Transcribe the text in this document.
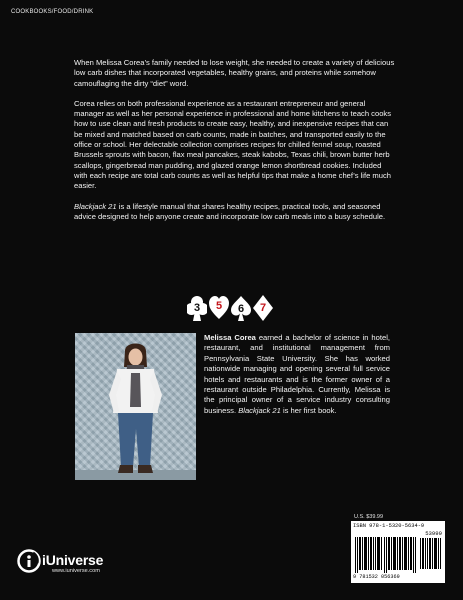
COOKBOOKS/FOOD/DRINK

When Melissa Corea’s family needed to lose weight, she needed to create a variety of delicious low carb dishes that incorporated vegetables, healthy grains, and proteins while somehow camouflaging the dirty “diet” word.

Corea relies on both professional experience as a restaurant entrepreneur and general manager as well as her personal experience in professional and home kitchens to teach cooks how to use clean and fresh products to create easy, healthy, and inexpensive recipes that can be mixed and matched based on carb counts, made in batches, and transported easily to the office or school. Her delectable collection comprises recipes for chilled fennel soup, roasted Brussels sprouts with bacon, flax meal pancakes, steak kabobs, Texas chili, brown butter herb scallops, gingerbread man pudding, and glazed orange lemon shortbread cookies. Included with each recipe are total carb counts as well as helpful tips that make a home chef’s life much easier.

Blackjack 21 is a lifestyle manual that shares healthy recipes, practical tools, and seasoned advice designed to help anyone create and incorporate low carb meals into a busy schedule.

3	5	6	7
Melissa Corea earned a bachelor of science in hotel, restaurant, and institutional management from Pennsylvania State University. She has worked nationwide managing and opening several full service hotels and restaurants and is the former owner of a restaurant outside Philadelphia. Currently, Melissa is the principal owner of a service industry consulting business. Blackjack 21 is her first book.
U.S. $39.99
ISBN 978-1-5320-5634-9
53999
9 781532 056369
iUniverse
www.iuniverse.com
